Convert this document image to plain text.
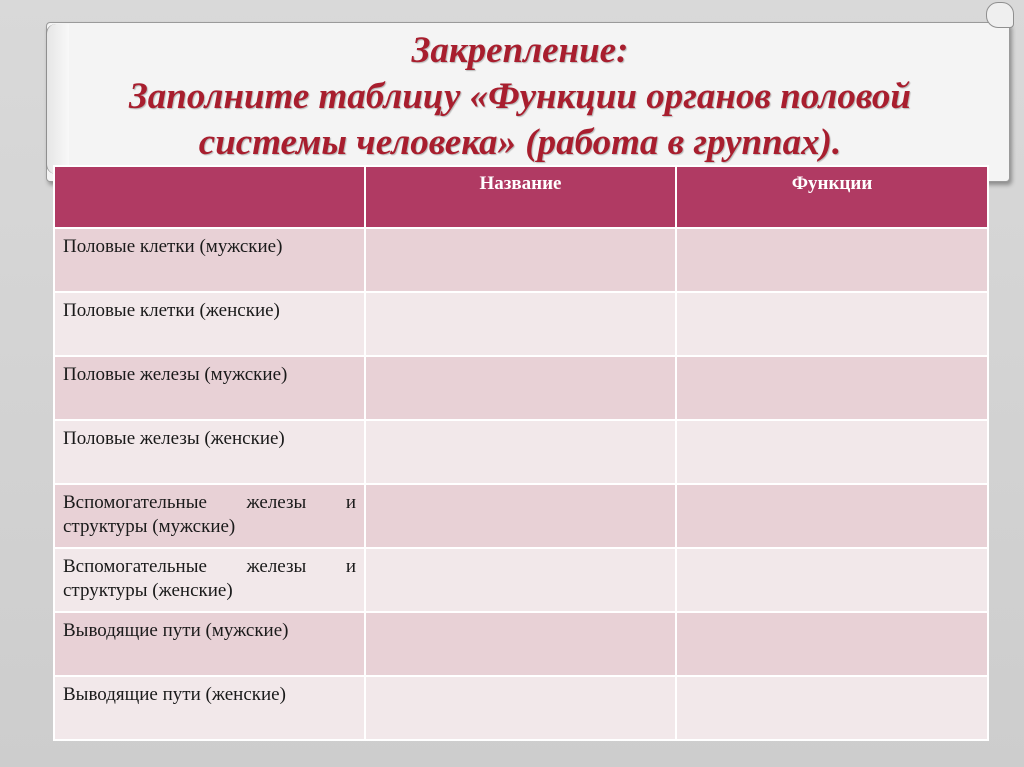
Закрепление:
Заполните таблицу «Функции органов половой
системы человека» (работа в группах).
	Название	Функции
Половые клетки (мужские)		
Половые клетки (женские)		
Половые железы (мужские)		
Половые железы (женские)		
Вспомогательные железы и структуры (мужские)		
Вспомогательные железы и структуры (женские)		
Выводящие пути (мужские)		
Выводящие пути (женские)		
